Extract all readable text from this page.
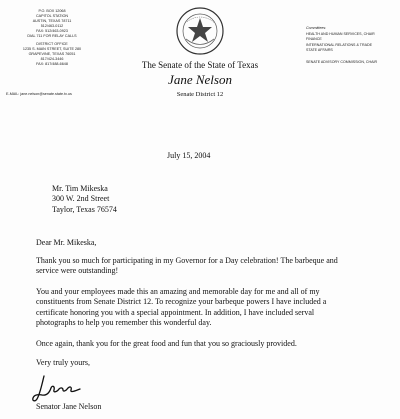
P.O. BOX 12068
CAPITOL STATION
AUSTIN, TEXAS 78711
512/463-0112
FAX: 512/463-0923
DIAL 711 FOR RELAY CALLS
DISTRICT OFFICE
1235 S. MAIN STREET, SUITE 280
GRAPEVINE, TEXAS 76051
817/424-3446
FAX: 817/488-6648
E-MAIL: jane.nelson@senate.state.tx.us
The Senate of the State of Texas
Jane Nelson
Senate District 12
Committees:
HEALTH AND HUMAN SERVICES, CHAIR
FINANCE
INTERNATIONAL RELATIONS & TRADE
STATE AFFAIRS

SENATE ADVISORY COMMISSION, CHAIR
July 15, 2004
Mr. Tim Mikeska
300 W. 2nd Street
Taylor, Texas 76574
Dear Mr. Mikeska,
Thank you so much for participating in my Governor for a Day celebration! The barbeque and
service were outstanding!
You and your employees made this an amazing and memorable day for me and all of my
constituents from Senate District 12. To recognize your barbeque powers I have included a
certificate honoring you with a special appointment. In addition, I have included serval
photographs to help you remember this wonderful day.
Once again, thank you for the great food and fun that you so graciously provided.
Very truly yours,
Senator Jane Nelson
